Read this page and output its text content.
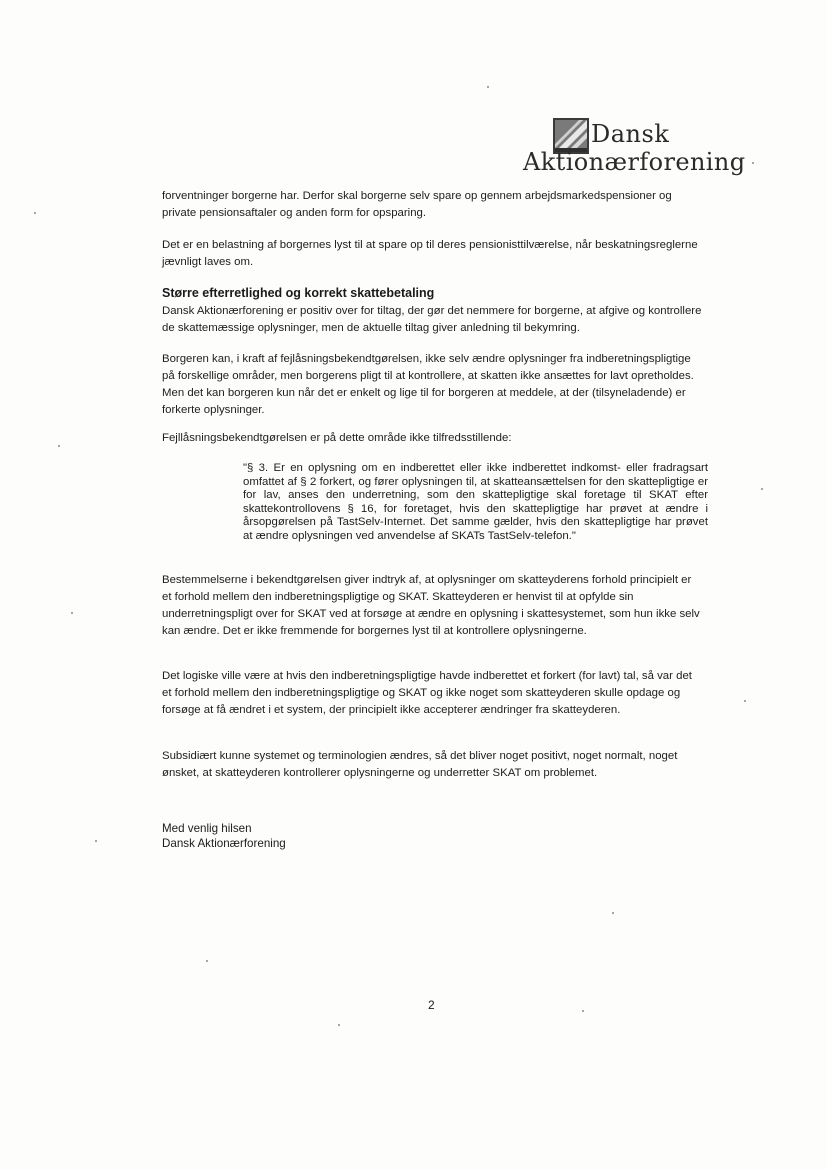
Dansk
Aktionærforening
forventninger borgerne har. Derfor skal borgerne selv spare op gennem arbejdsmarkedspensioner og private pensionsaftaler og anden form for opsparing.
Det er en belastning af borgernes lyst til at spare op til deres pensionisttilværelse, når beskatningsreglerne jævnligt laves om.
Større efterretlighed og korrekt skattebetaling
Dansk Aktionærforening er positiv over for tiltag, der gør det nemmere for borgerne, at afgive og kontrollere de skattemæssige oplysninger, men de aktuelle tiltag giver anledning til bekymring.
Borgeren kan, i kraft af fejlåsningsbekendtgørelsen, ikke selv ændre oplysninger fra indberetningspligtige på forskellige områder, men borgerens pligt til at kontrollere, at skatten ikke ansættes for lavt opretholdes. Men det kan borgeren kun når det er enkelt og lige til for borgeren at meddele, at der (tilsyneladende) er forkerte oplysninger.
Fejllåsningsbekendtgørelsen er på dette område ikke tilfredsstillende:
"§ 3. Er en oplysning om en indberettet eller ikke indberettet indkomst- eller fradragsart omfattet af § 2 forkert, og fører oplysningen til, at skatteansættelsen for den skattepligtige er for lav, anses den underretning, som den skattepligtige skal foretage til SKAT efter skattekontrollovens § 16, for foretaget, hvis den skattepligtige har prøvet at ændre i årsopgørelsen på TastSelv-Internet. Det samme gælder, hvis den skattepligtige har prøvet at ændre oplysningen ved anvendelse af SKATs TastSelv-telefon."
Bestemmelserne i bekendtgørelsen giver indtryk af, at oplysninger om skatteyderens forhold principielt er et forhold mellem den indberetningspligtige og SKAT. Skatteyderen er henvist til at opfylde sin underretningspligt over for SKAT ved at forsøge at ændre en oplysning i skattesystemet, som hun ikke selv kan ændre. Det er ikke fremmende for borgernes lyst til at kontrollere oplysningerne.
Det logiske ville være at hvis den indberetningspligtige havde indberettet et forkert (for lavt) tal, så var det et forhold mellem den indberetningspligtige og SKAT og ikke noget som skatteyderen skulle opdage og forsøge at få ændret i et system, der principielt ikke accepterer ændringer fra skatteyderen.
Subsidiært kunne systemet og terminologien ændres, så det bliver noget positivt, noget normalt, noget ønsket, at skatteyderen kontrollerer oplysningerne og underretter SKAT om problemet.
Med venlig hilsen
Dansk Aktionærforening
2
